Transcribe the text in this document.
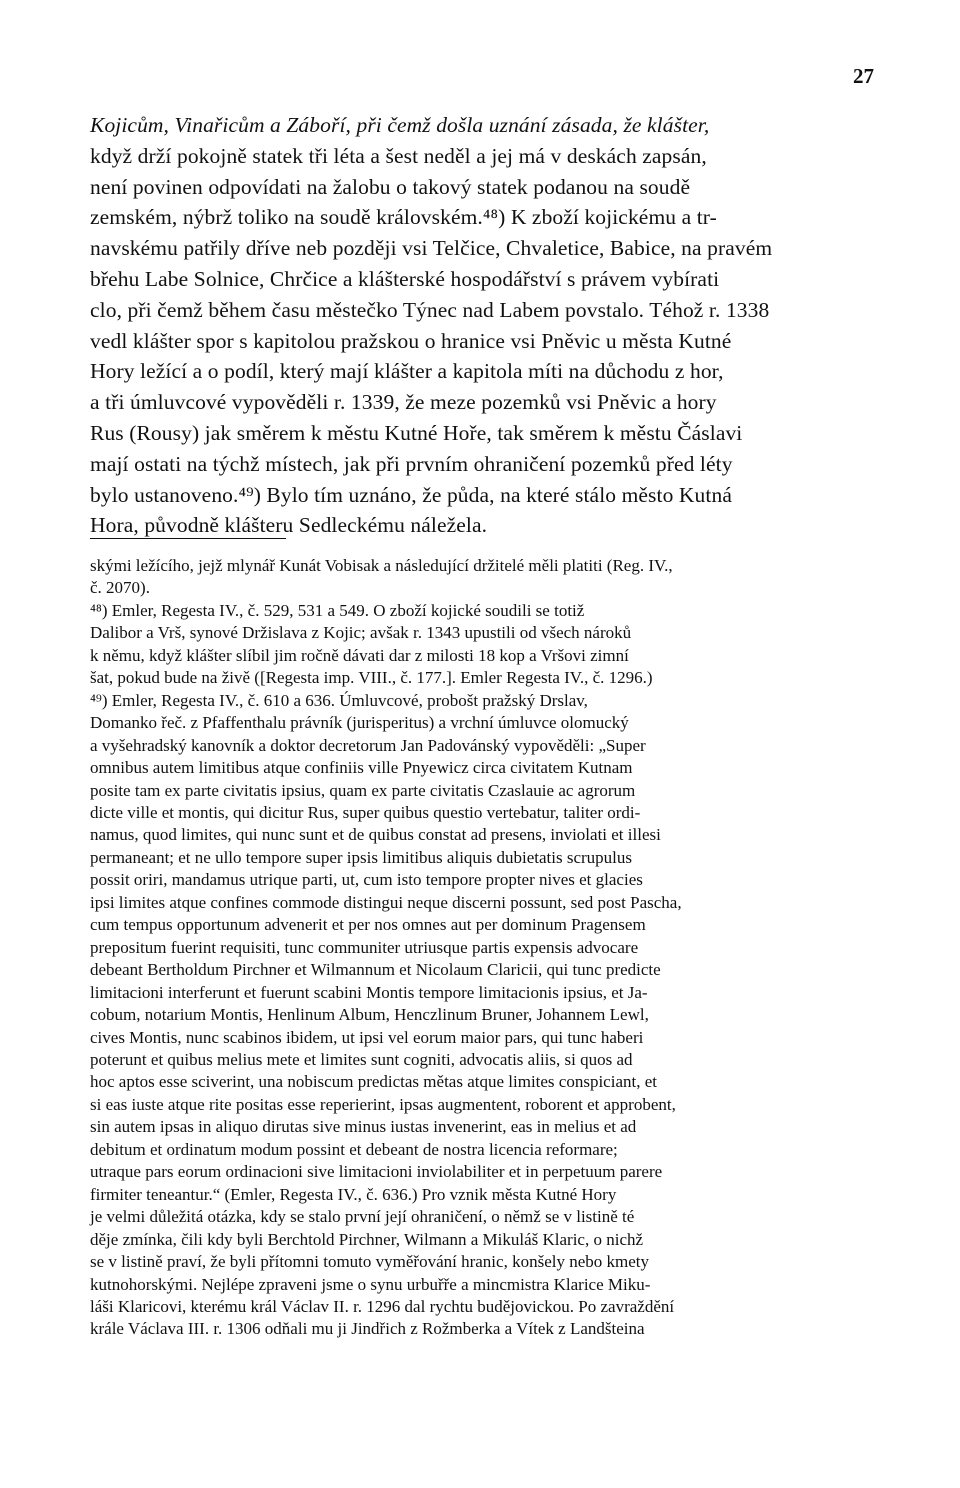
27
Kojicům, Vinařicům a Záboří, při čemž došla uznání zásada, že klášter,
když drží pokojně statek tři léta a šest neděl a jej má v deskách zapsán,
není povinen odpovídati na žalobu o takový statek podanou na soudě
zemském, nýbrž toliko na soudě královském.⁴⁸) K zboží kojickému a tr-
navskému patřily dříve neb později vsi Telčice, Chvaletice, Babice, na pravém
břehu Labe Solnice, Chrčice a klášterské hospodářství s právem vybírati
clo, při čemž během času městečko Týnec nad Labem povstalo. Téhož r. 1338
vedl klášter spor s kapitolou pražskou o hranice vsi Pněvic u města Kutné
Hory ležící a o podíl, který mají klášter a kapitola míti na důchodu z hor,
a tři úmluvcové vypověděli r. 1339, že meze pozemků vsi Pněvic a hory
Rus (Rousy) jak směrem k městu Kutné Hoře, tak směrem k městu Čáslavi
mají ostati na týchž místech, jak při prvním ohraničení pozemků před léty
bylo ustanoveno.⁴⁹) Bylo tím uznáno, že půda, na které stálo město Kutná
Hora, původně klášteru Sedleckému náležela.
skými ležícího, jejž mlynář Kunát Vobisak a následující držitelé měli platiti (Reg. IV.,
č. 2070).
⁴⁸) Emler, Regesta IV., č. 529, 531 a 549. O zboží kojické soudili se totiž
Dalibor a Vrš, synové Držislava z Kojic; avšak r. 1343 upustili od všech nároků
k němu, když klášter slíbil jim ročně dávati dar z milosti 18 kop a Vršovi zimní
šat, pokud bude na živě ([Regesta imp. VIII., č. 177.]. Emler Regesta IV., č. 1296.)
⁴⁹) Emler, Regesta IV., č. 610 a 636. Úmluvcové, probošt pražský Drslav,
Domanko řeč. z Pfaffenthalu právník (jurisperitus) a vrchní úmluvce olomucký
a vyšehradský kanovník a doktor decretorum Jan Padovánský vypověděli: „Super
omnibus autem limitibus atque confiniis ville Pnyewicz circa civitatem Kutnam
posite tam ex parte civitatis ipsius, quam ex parte civitatis Czaslauie ac agrorum
dicte ville et montis, qui dicitur Rus, super quibus questio vertebatur, taliter ordi-
namus, quod limites, qui nunc sunt et de quibus constat ad presens, inviolati et illesi
permaneant; et ne ullo tempore super ipsis limitibus aliquis dubietatis scrupulus
possit oriri, mandamus utrique parti, ut, cum isto tempore propter nives et glacies
ipsi limites atque confines commode distingui neque discerni possunt, sed post Pascha,
cum tempus opportunum advenerit et per nos omnes aut per dominum Pragensem
prepositum fuerint requisiti, tunc communiter utriusque partis expensis advocare
debeant Bertholdum Pirchner et Wilmannum et Nicolaum Claricii, qui tunc predicte
limitacioni interferunt et fuerunt scabini Montis tempore limitacionis ipsius, et Ja-
cobum, notarium Montis, Henlinum Album, Henczlinum Bruner, Johannem Lewl,
cives Montis, nunc scabinos ibidem, ut ipsi vel eorum maior pars, qui tunc haberi
poterunt et quibus melius mete et limites sunt cogniti, advocatis aliis, si quos ad
hoc aptos esse sciverint, una nobiscum predictas mětas atque limites conspiciant, et
si eas iuste atque rite positas esse reperierint, ipsas augmentent, roborent et approbent,
sin autem ipsas in aliquo dirutas sive minus iustas invenerint, eas in melius et ad
debitum et ordinatum modum possint et debeant de nostra licencia reformare;
utraque pars eorum ordinacioni sive limitacioni inviolabiliter et in perpetuum parere
firmiter teneantur.“ (Emler, Regesta IV., č. 636.) Pro vznik města Kutné Hory
je velmi důležitá otázka, kdy se stalo první její ohraničení, o němž se v listině té
děje zmínka, čili kdy byli Berchtold Pirchner, Wilmann a Mikuláš Klaric, o nichž
se v listině praví, že byli přítomni tomuto vyměřování hranic, konšely nebo kmety
kutnohorskými. Nejlépe zpraveni jsme o synu urbuřře a mincmistra Klarice Miku-
láši Klaricovi, kterému král Václav II. r. 1296 dal rychtu budějovickou. Po zavraždění
krále Václava III. r. 1306 odňali mu ji Jindřich z Rožmberka a Vítek z Landšteina
